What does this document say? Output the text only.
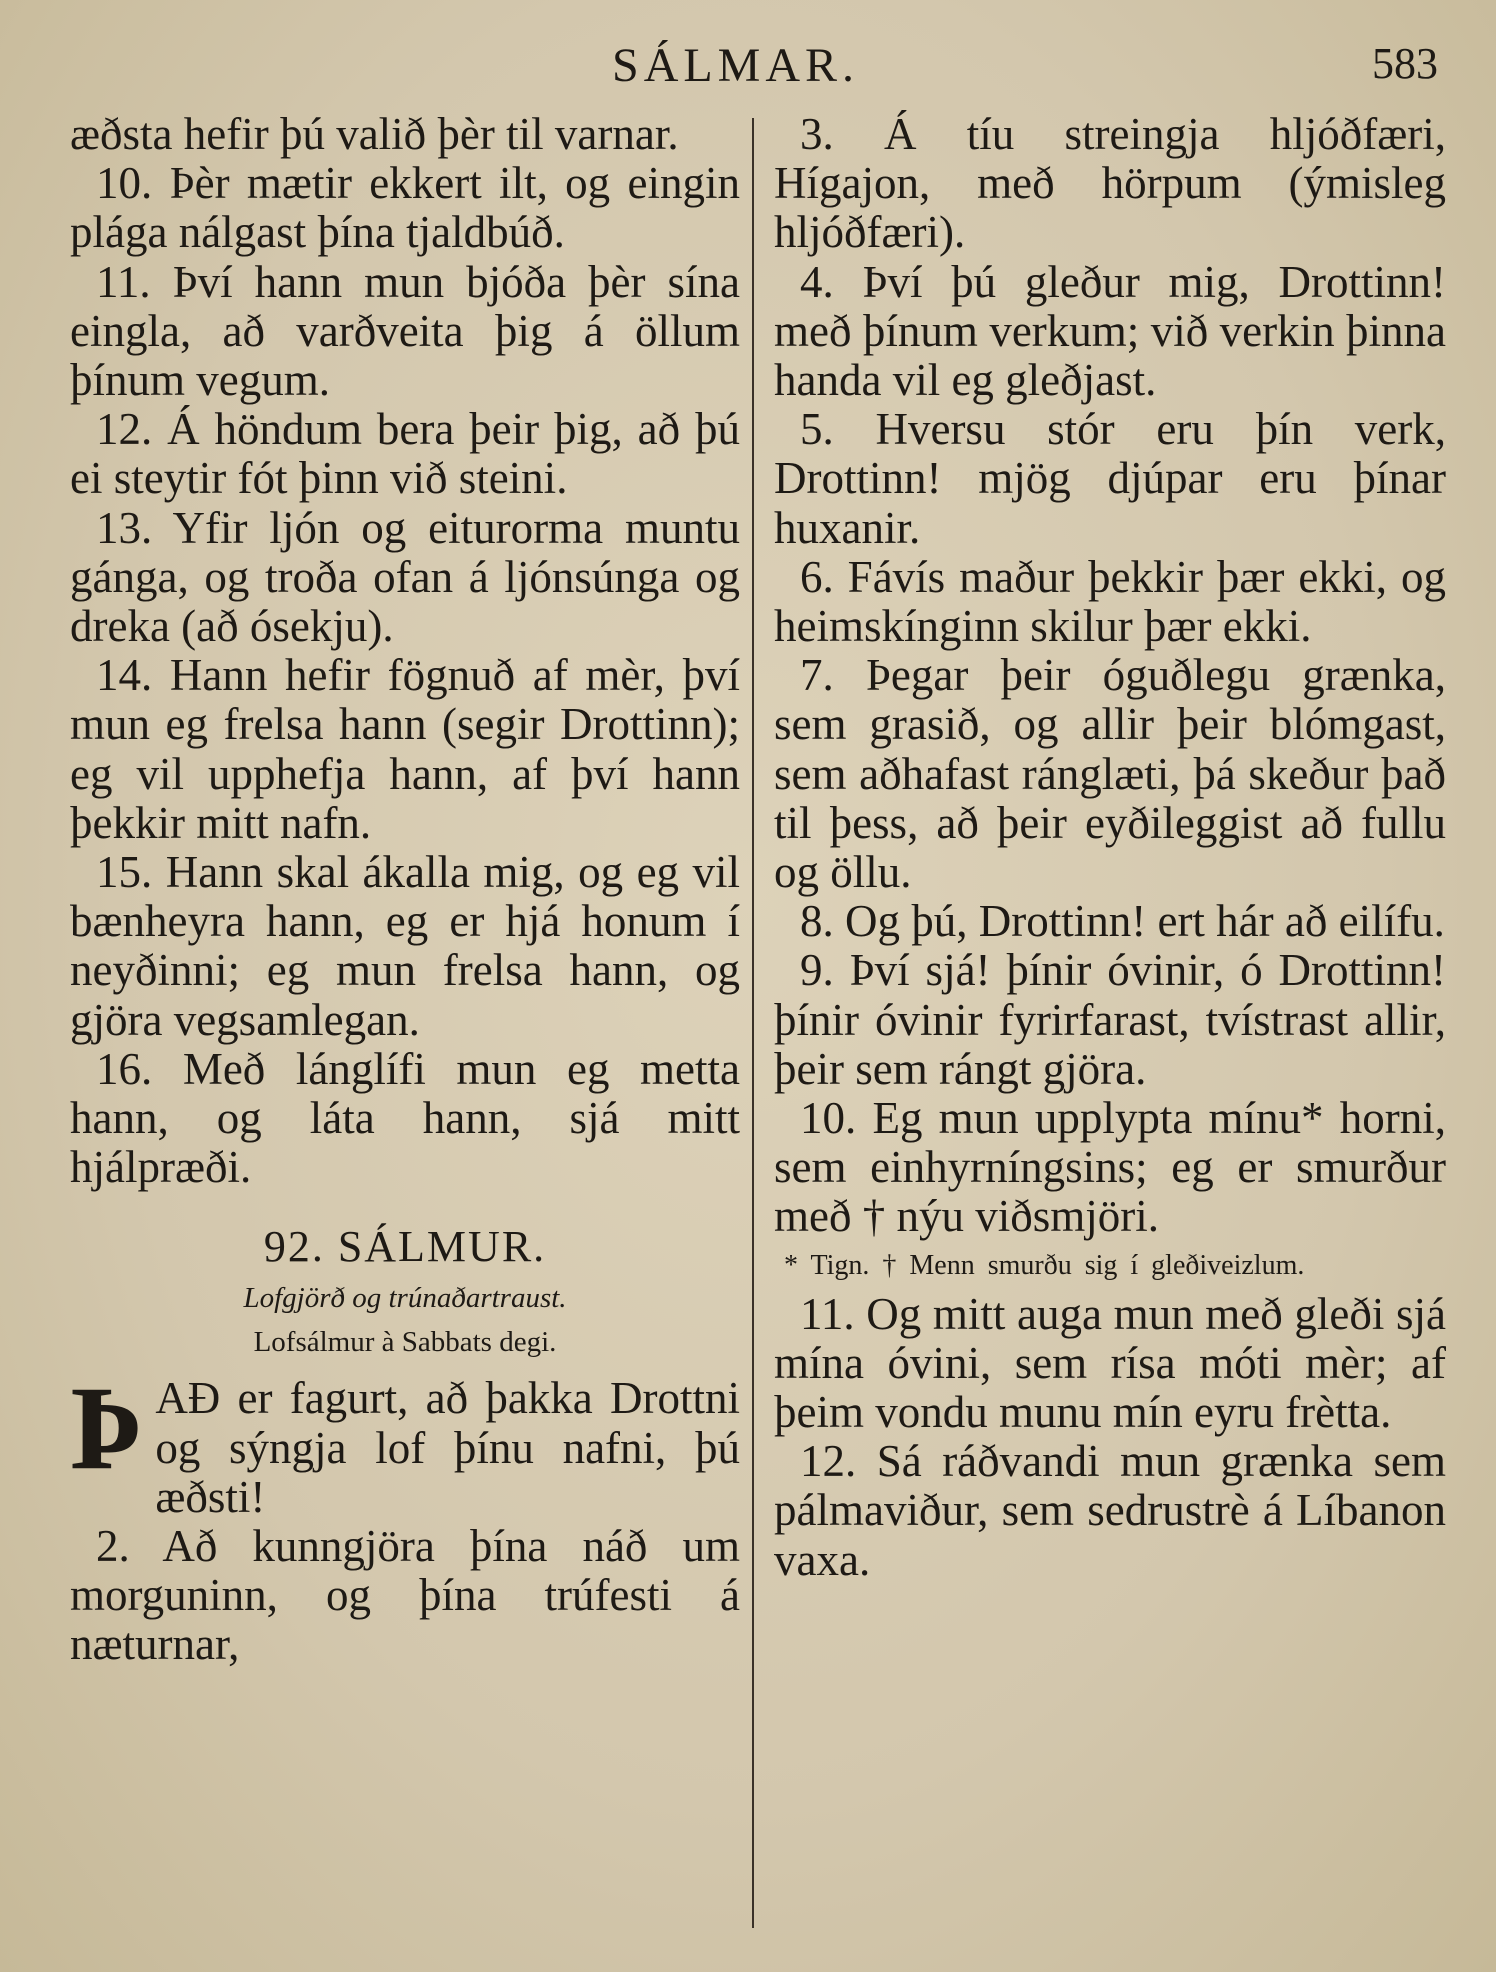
SÁLMAR.	583

æðsta hefir þú valið þèr til varnar.

10. Þèr mætir ekkert ilt, og eingin plága nálgast þína tjaldbúð.

11. Því hann mun bjóða þèr sína eingla, að varðveita þig á öllum þínum vegum.

12. Á höndum bera þeir þig, að þú ei steytir fót þinn við steini.

13. Yfir ljón og eiturorma muntu gánga, og troða ofan á ljónsúnga og dreka (að ósekju).

14. Hann hefir fögnuð af mèr, því mun eg frelsa hann (segir Drottinn); eg vil upphefja hann, af því hann þekkir mitt nafn.

15. Hann skal ákalla mig, og eg vil bænheyra hann, eg er hjá honum í neyðinni; eg mun frelsa hann, og gjöra vegsamlegan.

16. Með lánglífi mun eg metta hann, og láta hann, sjá mitt hjálpræði.

92. SÁLMUR.

Lofgjörð og trúnaðartraust.

Lofsálmur à Sabbats degi.

Þ AÐ er fagurt, að þakka Drottni og sýngja lof þínu nafni, þú æðsti!

2. Að kunngjöra þína náð um morguninn, og þína trúfesti á næturnar,

3. Á tíu streingja hljóðfæri, Hígajon, með hörpum (ýmisleg hljóðfæri).

4. Því þú gleður mig, Drottinn! með þínum verkum; við verkin þinna handa vil eg gleðjast.

5. Hversu stór eru þín verk, Drottinn! mjög djúpar eru þínar huxanir.

6. Fávís maður þekkir þær ekki, og heimskínginn skilur þær ekki.

7. Þegar þeir óguðlegu grænka, sem grasið, og allir þeir blómgast, sem aðhafast ránglæti, þá skeður það til þess, að þeir eyðileggist að fullu og öllu.

8. Og þú, Drottinn! ert hár að eilífu.

9. Því sjá! þínir óvinir, ó Drottinn! þínir óvinir fyrirfarast, tvístrast allir, þeir sem rángt gjöra.

10. Eg mun upplypta mínu* horni, sem einhyrníngsins; eg er smurður með † nýu viðsmjöri.

* Tign. † Menn smurðu sig í gleðiveizlum.

11. Og mitt auga mun með gleði sjá mína óvini, sem rísa móti mèr; af þeim vondu munu mín eyru frètta.

12. Sá ráðvandi mun grænka sem pálmaviður, sem sedrustrè á Líbanon vaxa.
